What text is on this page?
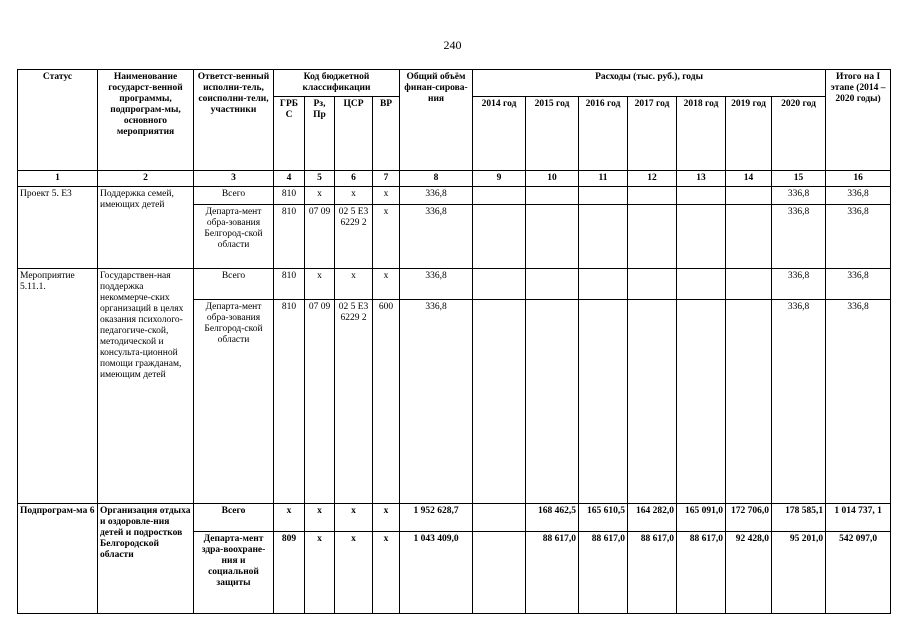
240
Статус	Наименование государст-венной программы, подпрограм-мы, основного мероприятия	Ответст-венный исполни-тель, соисполни-тели, участники	Код бюджетной классификации				Общий объём финан-сирова-ния	Расходы (тыс. руб.), годы							Итого на I этапе (2014 – 2020 годы)
			ГРБ С	Рз, Пр	ЦСР	ВР		2014 год	2015 год	2016 год	2017 год	2018 год	2019 год	2020 год	
1	2	3	4	5	6	7	8	9	10	11	12	13	14	15	16
Проект 5. Е3	Поддержка семей, имеющих детей	Всего	810	х	х	х	336,8							336,8	336,8
		Департа-мент обра-зования Белгород-ской области	810	07 09	02 5 Е3 6229 2	х	336,8							336,8	336,8
Мероприятие 5.11.1.	Государствен-ная поддержка некоммерче-ских организаций в целях оказания психолого-педагогиче-ской, методической и консульта-ционной помощи гражданам, имеющим детей	Всего	810	х	х	х	336,8							336,8	336,8
		Департа-мент обра-зования Белгород-ской области	810	07 09	02 5 Е3 6229 2	600	336,8							336,8	336,8
Подпрограм-ма 6	Организация отдыха и оздоровле-ния детей и подростков Белгородской области	Всего	х	х	х	х	1 952 628,7		168 462,5	165 610,5	164 282,0	165 091,0	172 706,0	178 585,1	1 014 737, 1
		Департа-мент здра-воохране-ния и социальной защиты	809	х	х	х	1 043 409,0		88 617,0	88 617,0	88 617,0	88 617,0	92 428,0	95 201,0	542 097,0
